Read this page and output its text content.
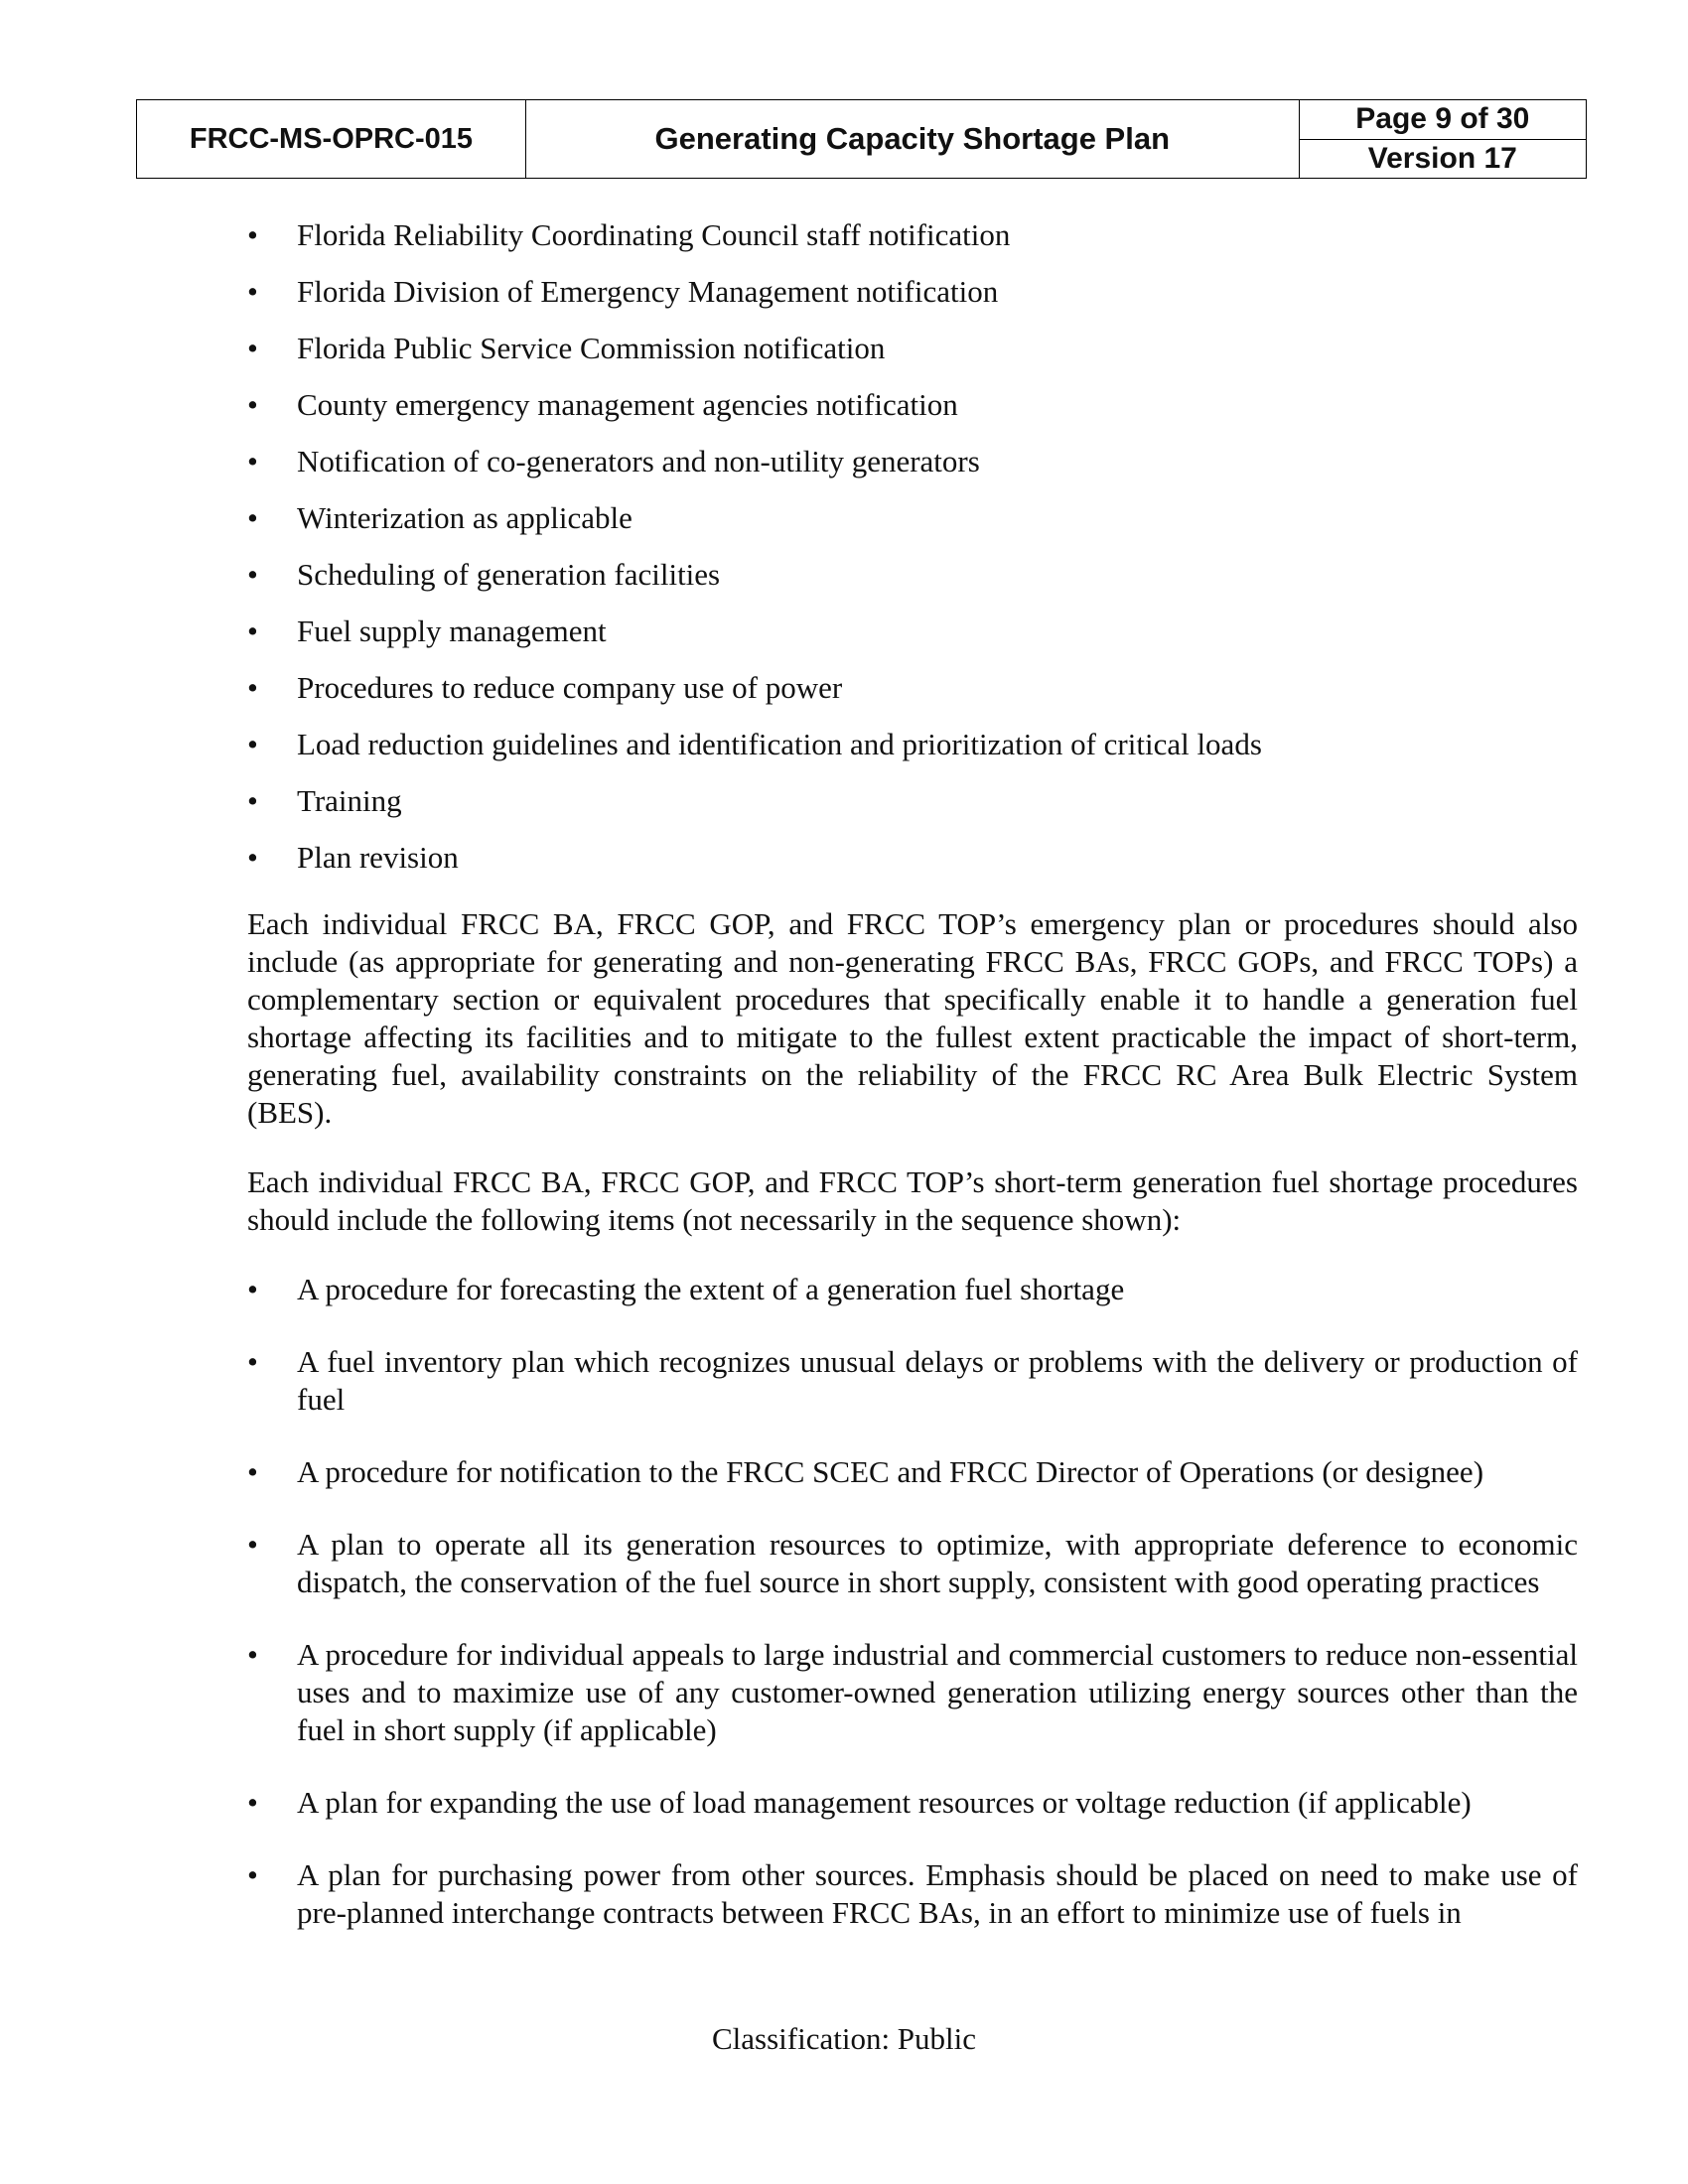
FRCC-MS-OPRC-015	Generating Capacity Shortage Plan	
Page 9 of 30
Version 17
• Florida Reliability Coordinating Council staff notification
• Florida Division of Emergency Management notification
• Florida Public Service Commission notification
• County emergency management agencies notification
• Notification of co-generators and non-utility generators
• Winterization as applicable
• Scheduling of generation facilities
• Fuel supply management
• Procedures to reduce company use of power
• Load reduction guidelines and identification and prioritization of critical loads
• Training
• Plan revision

Each individual FRCC BA, FRCC GOP, and FRCC TOP’s emergency plan or procedures should also include (as appropriate for generating and non-generating FRCC BAs, FRCC GOPs, and FRCC TOPs) a complementary section or equivalent procedures that specifically enable it to handle a generation fuel shortage affecting its facilities and to mitigate to the fullest extent practicable the impact of short-term, generating fuel, availability constraints on the reliability of the FRCC RC Area Bulk Electric System (BES).

Each individual FRCC BA, FRCC GOP, and FRCC TOP’s short-term generation fuel shortage procedures should include the following items (not necessarily in the sequence shown):

• A procedure for forecasting the extent of a generation fuel shortage
• A fuel inventory plan which recognizes unusual delays or problems with the delivery or production of fuel
• A procedure for notification to the FRCC SCEC and FRCC Director of Operations (or designee)
• A plan to operate all its generation resources to optimize, with appropriate deference to economic dispatch, the conservation of the fuel source in short supply, consistent with good operating practices
• A procedure for individual appeals to large industrial and commercial customers to reduce non-essential uses and to maximize use of any customer-owned generation utilizing energy sources other than the fuel in short supply (if applicable)
• A plan for expanding the use of load management resources or voltage reduction (if applicable)
• A plan for purchasing power from other sources. Emphasis should be placed on need to make use of pre-planned interchange contracts between FRCC BAs, in an effort to minimize use of fuels in
Classification: Public
